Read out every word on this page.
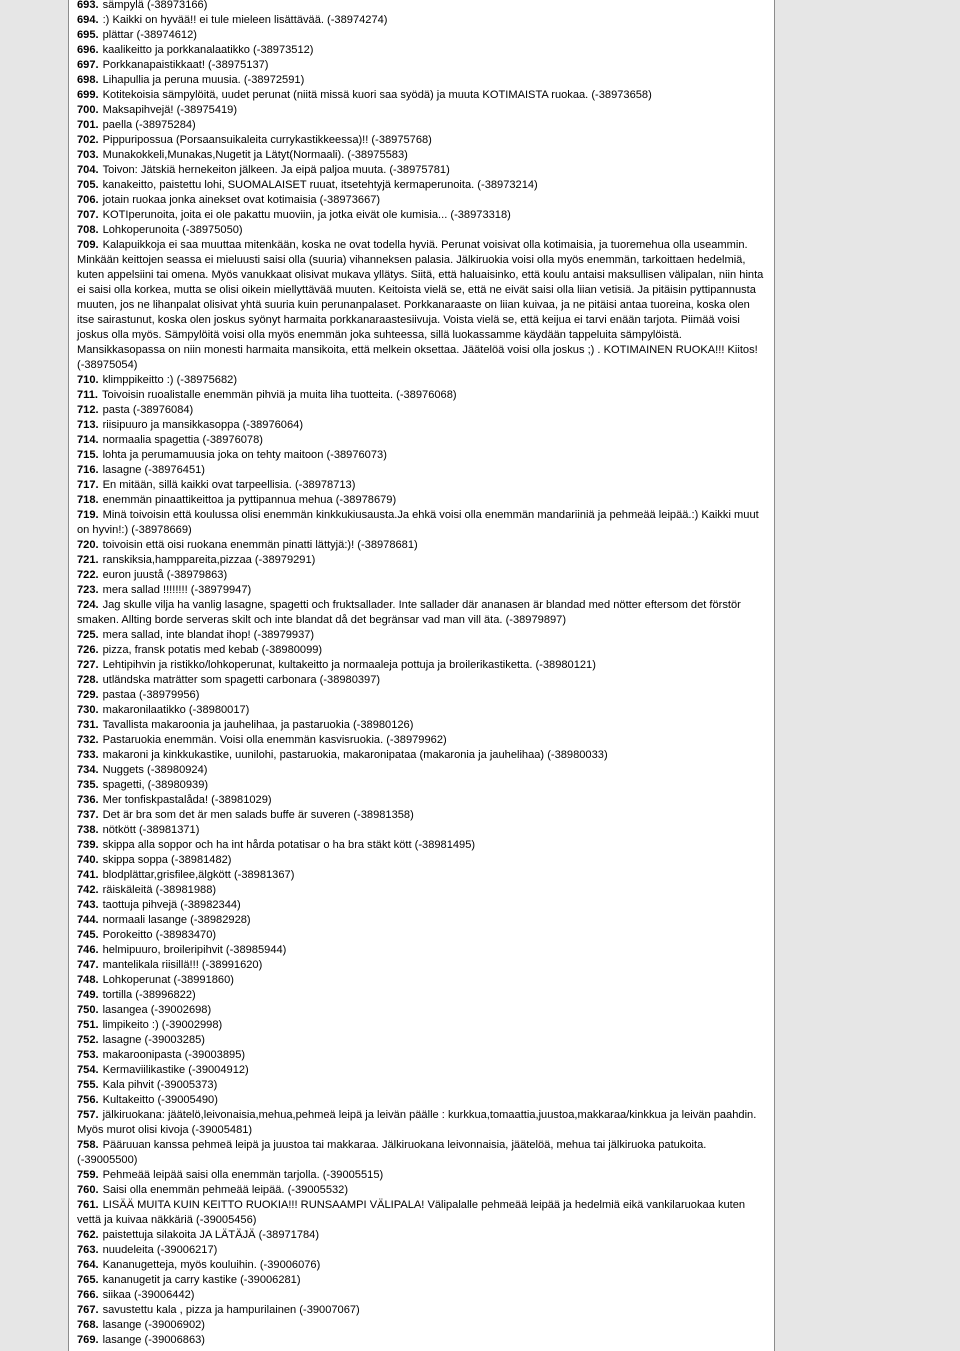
693. sämpylä (-38973166)

694. :) Kaikki on hyvää!! ei tule mieleen lisättävää. (-38974274)

695. plättar (-38974612)

696. kaalikeitto ja porkkanalaatikko (-38973512)

697. Porkkanapaistikkaat! (-38975137)

698. Lihapullia ja peruna muusia. (-38972591)

699. Kotitekoisia sämpylöitä, uudet perunat (niitä missä kuori saa syödä) ja muuta KOTIMAISTA ruokaa. (-38973658)

700. Maksapihvejä! (-38975419)

701. paella (-38975284)

702. Pippuripossua (Porsaansuikaleita currykastikkeessa)!! (-38975768)

703. Munakokkeli,Munakas,Nugetit ja Lätyt(Normaali). (-38975583)

704. Toivon: Jätskiä hernekeiton jälkeen. Ja eipä paljoa muuta. (-38975781)

705. kanakeitto, paistettu lohi, SUOMALAISET ruuat, itsetehtyjä kermaperunoita. (-38973214)

706. jotain ruokaa jonka ainekset ovat kotimaisia (-38973667)

707. KOTIperunoita, joita ei ole pakattu muoviin, ja jotka eivät ole kumisia... (-38973318)

708. Lohkoperunoita (-38975050)

709. Kalapuikkoja ei saa muuttaa mitenkään, koska ne ovat todella hyviä. Perunat voisivat olla kotimaisia, ja tuoremehua olla useammin. Minkään keittojen seassa ei mieluusti saisi olla (suuria) vihanneksen palasia. Jälkiruokia voisi olla myös enemmän, tarkoittaen hedelmiä, kuten appelsiini tai omena. Myös vanukkaat olisivat mukava yllätys. Siitä, että haluaisinko, että koulu antaisi maksullisen välipalan, niin hinta ei saisi olla korkea, mutta se olisi oikein miellyttävää muuten. Keitoista vielä se, että ne eivät saisi olla liian vetisiä. Ja pitäisin pyttipannusta muuten, jos ne lihanpalat olisivat yhtä suuria kuin perunanpalaset. Porkkanaraaste on liian kuivaa, ja ne pitäisi antaa tuoreina, koska olen itse sairastunut, koska olen joskus syönyt harmaita porkkanaraastesiivuja. Voista vielä se, että keijua ei tarvi enään tarjota. Piimää voisi joskus olla myös. Sämpylöitä voisi olla myös enemmän joka suhteessa, sillä luokassamme käydään tappeluita sämpylöistä. Mansikkasopassa on niin monesti harmaita mansikoita, että melkein oksettaa. Jäätelöä voisi olla joskus ;) . KOTIMAINEN RUOKA!!! Kiitos! (-38975054)

710. klimppikeitto :) (-38975682)

711. Toivoisin ruoalistalle enemmän pihviä ja muita liha tuotteita. (-38976068)

712. pasta (-38976084)

713. riisipuuro ja mansikkasoppa (-38976064)

714. normaalia spagettia (-38976078)

715. lohta ja perumamuusia joka on tehty maitoon (-38976073)

716. lasagne (-38976451)

717. En mitään, sillä kaikki ovat tarpeellisia. (-38978713)

718. enemmän pinaattikeittoa ja pyttipannua mehua (-38978679)

719. Minä toivoisin että koulussa olisi enemmän kinkkukiusausta.Ja ehkä voisi olla enemmän mandariiniä ja pehmeää leipää.:) Kaikki muut on hyvin!:) (-38978669)

720. toivoisin että oisi ruokana enemmän pinatti lättyjä:)! (-38978681)

721. ranskiksia,hamppareita,pizzaa (-38979291)

722. euron juustå (-38979863)

723. mera sallad !!!!!!!! (-38979947)

724. Jag skulle vilja ha vanlig lasagne, spagetti och fruktsallader. Inte sallader där ananasen är blandad med nötter eftersom det förstör smaken. Allting borde serveras skilt och inte blandat då det begränsar vad man vill äta. (-38979897)

725. mera sallad, inte blandat ihop! (-38979937)

726. pizza, fransk potatis med kebab (-38980099)

727. Lehtipihvin ja ristikko/lohkoperunat, kultakeitto ja normaaleja pottuja ja broilerikastiketta. (-38980121)

728. utländska maträtter som spagetti carbonara (-38980397)

729. pastaa (-38979956)

730. makaronilaatikko (-38980017)

731. Tavallista makaroonia ja jauhelihaa, ja pastaruokia (-38980126)

732. Pastaruokia enemmän. Voisi olla enemmän kasvisruokia. (-38979962)

733. makaroni ja kinkkukastike, uunilohi, pastaruokia, makaronipataa (makaronia ja jauhelihaa) (-38980033)

734. Nuggets (-38980924)

735. spagetti, (-38980939)

736. Mer tonfiskpastalåda! (-38981029)

737. Det är bra som det är men salads buffe är suveren (-38981358)

738. nötkött (-38981371)

739. skippa alla soppor och ha int hårda potatisar o ha bra stäkt kött (-38981495)

740. skippa soppa (-38981482)

741. blodplättar,grisfilee,älgkött (-38981367)

742. räiskäleitä (-38981988)

743. taottuja pihvejä (-38982344)

744. normaali lasange (-38982928)

745. Porokeitto (-38983470)

746. helmipuuro, broileripihvit (-38985944)

747. mantelikala riisillä!!! (-38991620)

748. Lohkoperunat (-38991860)

749. tortilla (-38996822)

750. lasangea (-39002698)

751. limpikeito :) (-39002998)

752. lasagne (-39003285)

753. makaroonipasta (-39003895)

754. Kermaviilikastike (-39004912)

755. Kala pihvit (-39005373)

756. Kultakeitto (-39005490)

757. jälkiruokana: jäätelö,leivonaisia,mehua,pehmeä leipä ja leivän päälle : kurkkua,tomaattia,juustoa,makkaraa/kinkkua ja leivän paahdin. Myös murot olisi kivoja (-39005481)

758. Pääruuan kanssa pehmeä leipä ja juustoa tai makkaraa. Jälkiruokana leivonnaisia, jäätelöä, mehua tai jälkiruoka patukoita. (-39005500)

759. Pehmeää leipää saisi olla enemmän tarjolla. (-39005515)

760. Saisi olla enemmän pehmeää leipää. (-39005532)

761. LISÄÄ MUITA KUIN KEITTO RUOKIA!!! RUNSAAMPI VÄLIPALA! Välipalalle pehmeää leipää ja hedelmiä eikä vankilaruokaa kuten vettä ja kuivaa näkkäriä (-39005456)

762. paistettuja silakoita JA LÄTÄJÄ (-38971784)

763. nuudeleita (-39006217)

764. Kananugetteja, myös kouluihin. (-39006076)

765. kananugetit ja carry kastike (-39006281)

766. siikaa (-39006442)

767. savustettu kala , pizza ja hampurilainen (-39007067)

768. lasange (-39006902)

769. lasange (-39006863)
